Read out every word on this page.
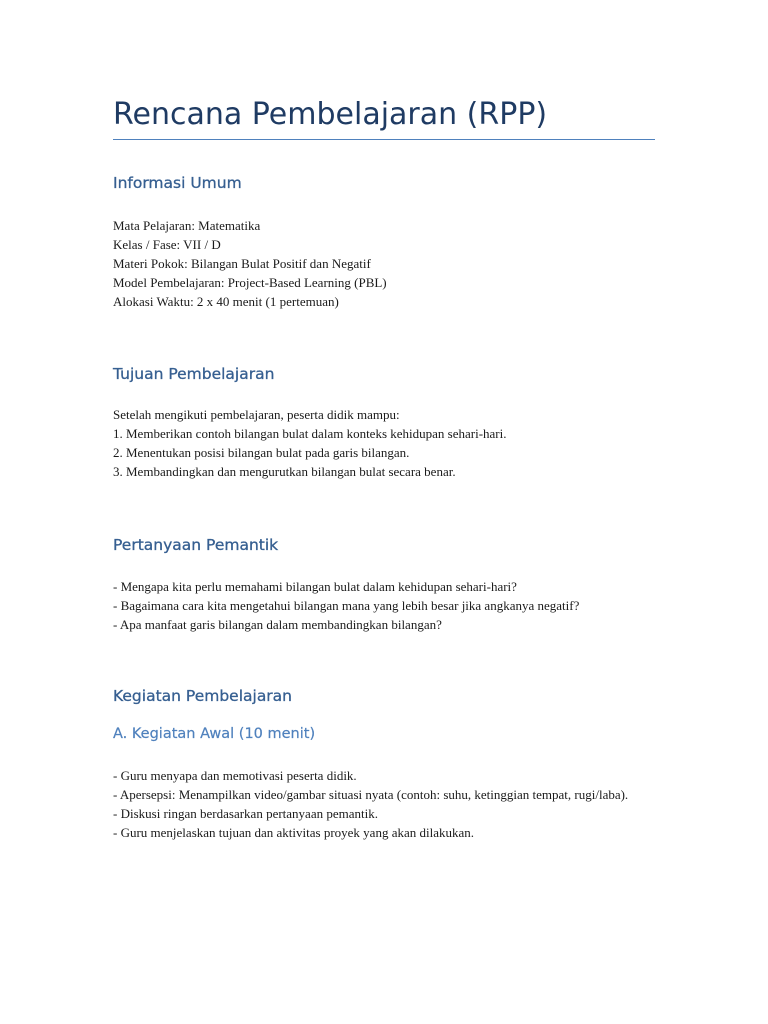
Rencana Pembelajaran (RPP)
Informasi Umum
Mata Pelajaran: Matematika
Kelas / Fase: VII / D
Materi Pokok: Bilangan Bulat Positif dan Negatif
Model Pembelajaran: Project-Based Learning (PBL)
Alokasi Waktu: 2 x 40 menit (1 pertemuan)
Tujuan Pembelajaran

Setelah mengikuti pembelajaran, peserta didik mampu:

1. Memberikan contoh bilangan bulat dalam konteks kehidupan sehari-hari.
2. Menentukan posisi bilangan bulat pada garis bilangan.
3. Membandingkan dan mengurutkan bilangan bulat secara benar.
Pertanyaan Pemantik
- Mengapa kita perlu memahami bilangan bulat dalam kehidupan sehari-hari?
- Bagaimana cara kita mengetahui bilangan mana yang lebih besar jika angkanya negatif?
- Apa manfaat garis bilangan dalam membandingkan bilangan?
Kegiatan Pembelajaran
A. Kegiatan Awal (10 menit)
- Guru menyapa dan memotivasi peserta didik.
- Apersepsi: Menampilkan video/gambar situasi nyata (contoh: suhu, ketinggian tempat, rugi/laba).
- Diskusi ringan berdasarkan pertanyaan pemantik.
- Guru menjelaskan tujuan dan aktivitas proyek yang akan dilakukan.
